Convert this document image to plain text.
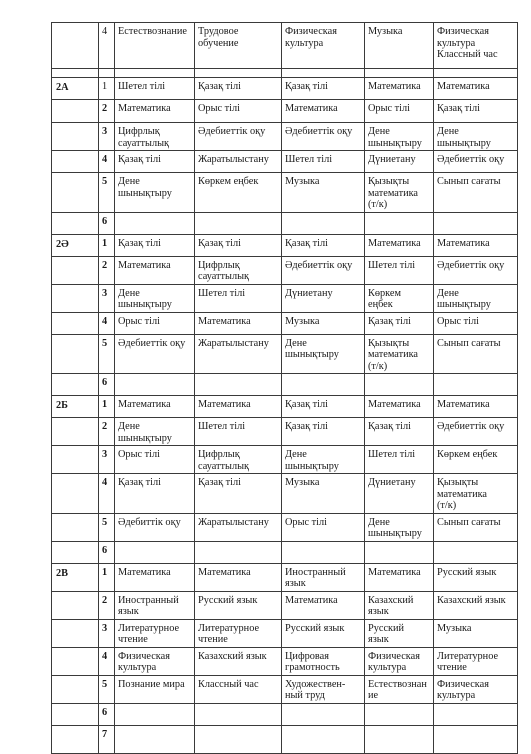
	4	Естествознание	Трудовое
обучение	Физическая
культура	Музыка	Физическая
культура
Классный час

2А	1	Шетел тілі	Қазақ тілі	Қазақ тілі	Математика	Математика
	2	Математика	Орыс тілі	Математика	Орыс тілі	Қазақ тілі
	3	Цифрлық
сауаттылық	Әдебиеттік оқу	Әдебиеттік оқу	Дене
шынықтыру	Дене
шынықтыру
	4	Қазақ тілі	Жаратылыстану	Шетел тілі	Дүниетану	Әдебиеттік оқу
	5	Дене
шынықтыру	Көркем еңбек	Музыка	Қызықты
математика
(т/к)	Сынып сағаты
	6					
2Ә	1	Қазақ тілі	Қазақ тілі	Қазақ тілі	Математика	Математика
	2	Математика	Цифрлық
сауаттылық	Әдебиеттік оқу	Шетел тілі	Әдебиеттік оқу
	3	Дене
шынықтыру	Шетел тілі	Дүниетану	Көркем
еңбек	Дене
шынықтыру
	4	Орыс тілі	Математика	Музыка	Қазақ тілі	Орыс тілі
	5	Әдебиеттік оқу	Жаратылыстану	Дене
шынықтыру	Қызықты
математика
(т/к)	Сынып сағаты
	6					
2Б	1	Математика	Математика	Қазақ тілі	Математика	Математика
	2	Дене
шынықтыру	Шетел тілі	Қазақ тілі	Қазақ тілі	Әдебиеттік оқу
	3	Орыс тілі	Цифрлық
сауаттылық	Дене
шынықтыру	Шетел тілі	Көркем еңбек
	4	Қазақ тілі	Қазақ тілі	Музыка	Дүниетану	Қызықты
математика
(т/к)
	5	Әдебиттік оқу	Жаратылыстану	Орыс тілі	Дене
шынықтыру	Сынып сағаты
	6					
2В	1	Математика	Математика	Иностранный
язык	Математика	Русский язык
	2	Иностранный
язык	Русский язык	Математика	Казахский
язык	Казахский язык
	3	Литературное
чтение	Литературное
чтение	Русский язык	Русский
язык	Музыка
	4	Физическая
культура	Казахский язык	Цифровая
грамотность	Физическая
культура	Литературное
чтение
	5	Познание мира	Классный час	Художествен-
ный труд	Естествознан
ие	Физическая
культура
	6					
	7					
